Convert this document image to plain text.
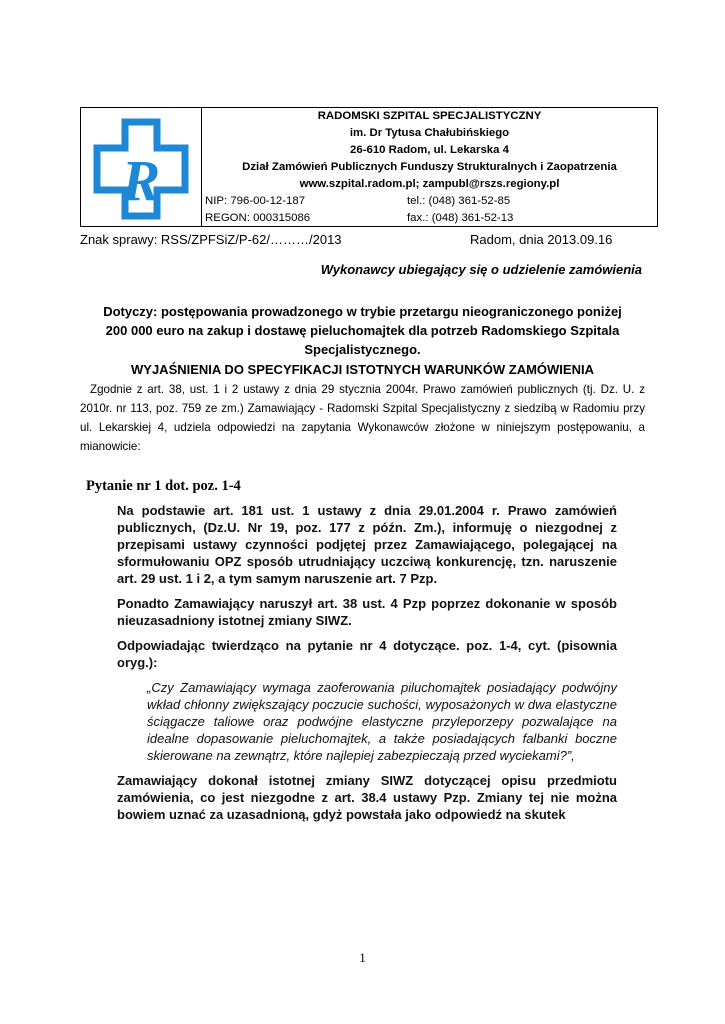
R
RADOMSKI SZPITAL SPECJALISTYCZNY
im. Dr Tytusa Chałubińskiego
26-610 Radom, ul. Lekarska 4
Dział Zamówień Publicznych Funduszy Strukturalnych i Zaopatrzenia
www.szpital.radom.pl; zampubl@rszs.regiony.pl
NIP: 796-00-12-187	tel.: (048) 361-52-85
REGON: 000315086	fax.: (048) 361-52-13
Znak sprawy: RSS/ZPFSiZ/P-62/………/2013	Radom, dnia 2013.09.16
Wykonawcy ubiegający się o udzielenie zamówienia
Dotyczy: postępowania prowadzonego w trybie przetargu nieograniczonego poniżej
200 000 euro na zakup i dostawę pieluchomajtek dla potrzeb Radomskiego Szpitala
Specjalistycznego.
WYJAŚNIENIA DO SPECYFIKACJI ISTOTNYCH WARUNKÓW ZAMÓWIENIA
Zgodnie z art. 38, ust. 1 i 2 ustawy z dnia 29 stycznia 2004r. Prawo zamówień publicznych (tj. Dz. U. z 2010r. nr 113, poz. 759 ze zm.) Zamawiający - Radomski Szpital Specjalistyczny z siedzibą w Radomiu przy ul. Lekarskiej 4, udziela odpowiedzi na zapytania Wykonawców złożone w niniejszym postępowaniu, a mianowicie:
Pytanie nr 1 dot. poz. 1-4

Na podstawie art. 181 ust. 1 ustawy z dnia 29.01.2004 r. Prawo zamówień publicznych, (Dz.U. Nr 19, poz. 177 z późn. Zm.), informuję o niezgodnej z przepisami ustawy czynności podjętej przez Zamawiającego, polegającej na sformułowaniu OPZ sposób utrudniający uczciwą konkurencję, tzn. naruszenie art. 29 ust. 1 i 2, a tym samym naruszenie art. 7 Pzp.

Ponadto Zamawiający naruszył art. 38 ust. 4 Pzp poprzez dokonanie w sposób nieuzasadniony istotnej zmiany SIWZ.

Odpowiadając twierdząco na pytanie nr 4 dotyczące. poz. 1-4, cyt. (pisownia oryg.):

„Czy Zamawiający wymaga zaoferowania piluchomajtek posiadający podwójny wkład chłonny zwiększający poczucie suchości, wyposażonych w dwa elastyczne ściągacze taliowe oraz podwójne elastyczne przyleporzepy pozwalające na idealne dopasowanie pieluchomajtek, a także posiadających falbanki boczne skierowane na zewnątrz, które najlepiej zabezpieczają przed wyciekami?”,

Zamawiający dokonał istotnej zmiany SIWZ dotyczącej opisu przedmiotu zamówienia, co jest niezgodne z art. 38.4 ustawy Pzp. Zmiany tej nie można bowiem uznać za uzasadnioną, gdyż powstała jako odpowiedź na skutek

1
